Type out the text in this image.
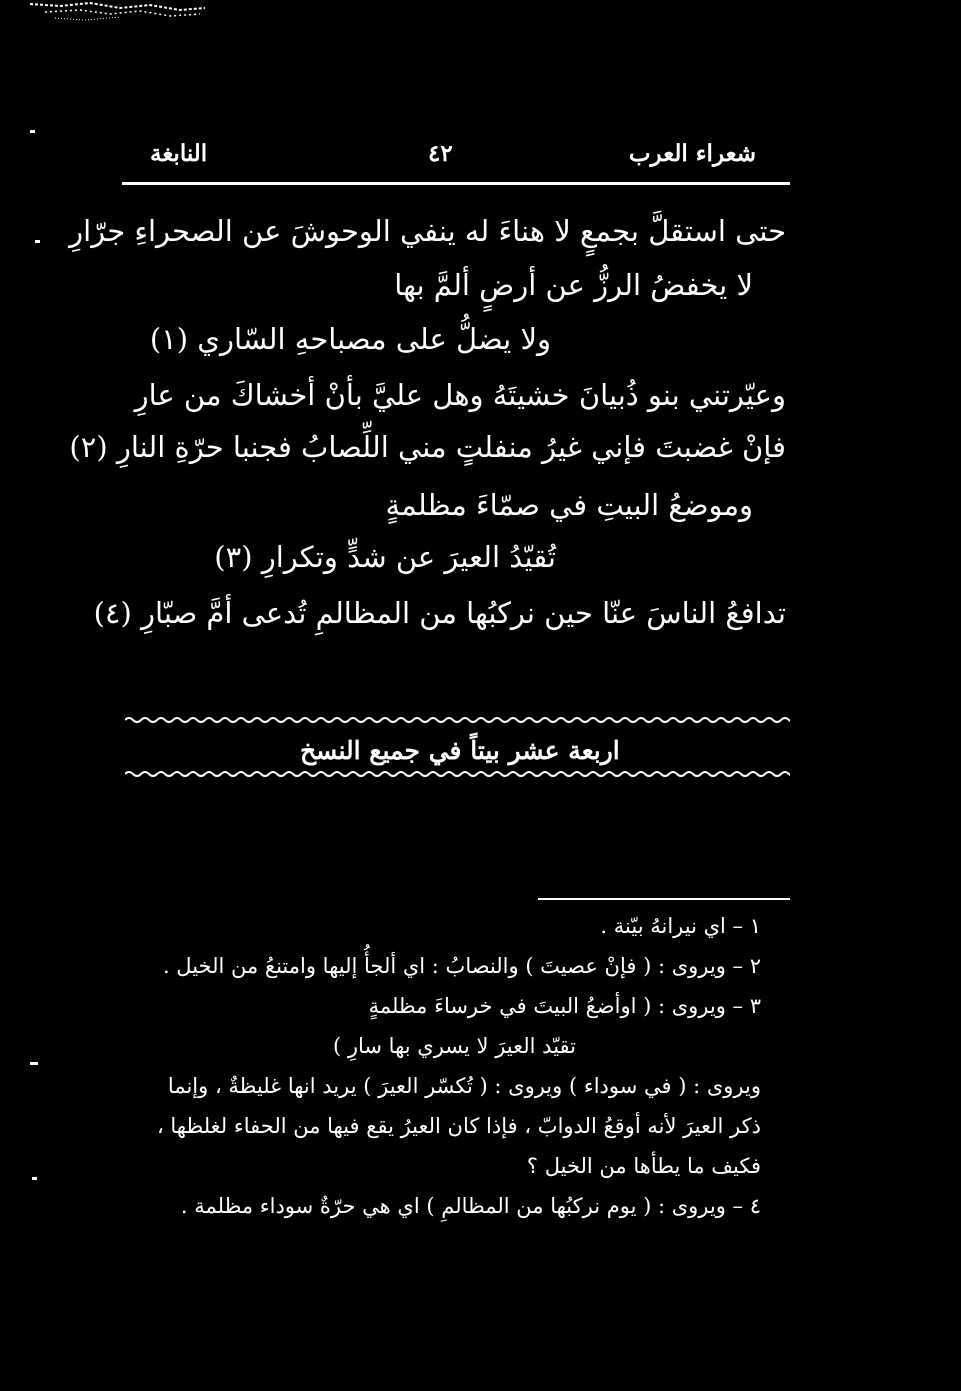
شعراء العرب
٤٢
النابغة
حتى استقلَّ بجمعٍ لا هناءَ له ينفي الوحوشَ عن الصحراءِ جرّارِ
لا يخفضُ الرزُّ عن أرضٍ ألمَّ بها
ولا يضلُّ على مصباحهِ السّاري (١)
وعيّرتني بنو ذُبيانَ خشيتَهُ وهل عليَّ بأنْ أخشاكَ من عارِ
فإنْ غضبتَ فإني غيرُ منفلتٍ مني اللِّصابُ فجنبا حرّةِ النارِ (٢)
وموضعُ البيتِ في صمّاءَ مظلمةٍ
تُقيّدُ العيرَ عن شدٍّ وتكرارِ (٣)
تدافعُ الناسَ عنّا حين نركبُها من المظالمِ تُدعى أمَّ صبّارِ (٤)
اربعة عشر بيتاً في جميع النسخ
١ – اي نيرانهُ بيّنة .
٢ – ويروى : ( فإنْ عصيتَ ) والنصابُ : اي ألجأُ إليها وامتنعُ من الخيل .
٣ – ويروى : ( اوأضعُ البيتَ في خرساءَ مظلمةٍ
تقيّد العيرَ لا يسري بها سارِ )
ويروى : ( في سوداء ) ويروى : ( تُكسّر العيرَ ) يريد انها غليظةٌ ، وإنما
ذكر العيرَ لأنه أوقعُ الدوابّ ، فإذا كان العيرُ يقع فيها من الحفاء لغلظها ،
فكيف ما يطأها من الخيل ؟
٤ – ويروى : ( يوم نركبُها من المظالمِ ) اي هي حرّةٌ سوداء مظلمة .
